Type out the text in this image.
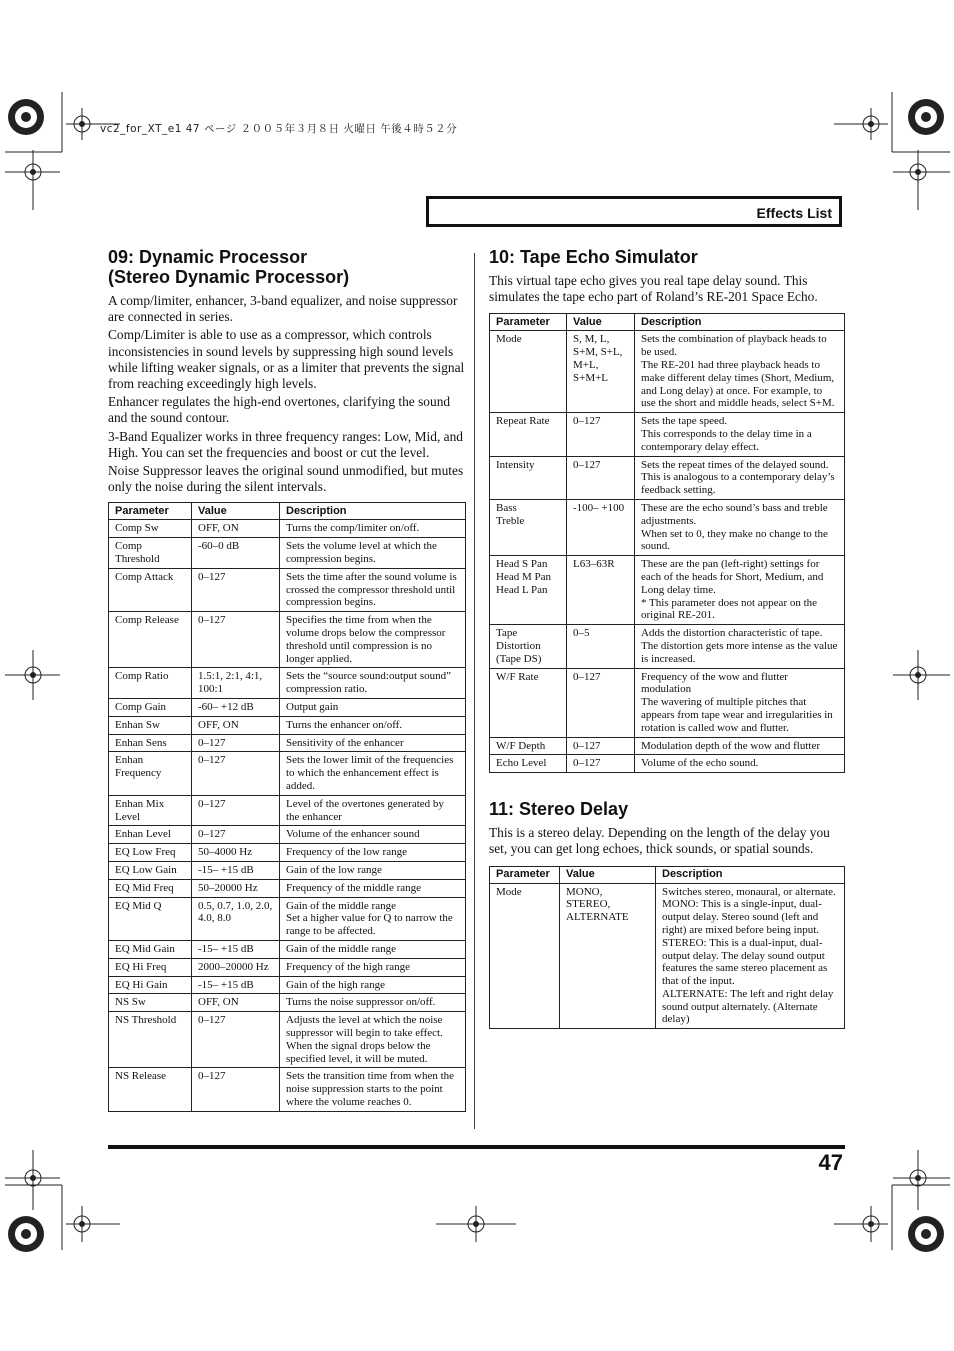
vc2_for_XT_e1 47 ページ ２００５年３月８日 火曜日 午後４時５２分
Effects List
09: Dynamic Processor
(Stereo Dynamic Processor)

A comp/limiter, enhancer, 3-band equalizer, and noise suppressor are connected in series.

Comp/Limiter is able to use as a compressor, which controls inconsistencies in sound levels by suppressing high sound levels while lifting weaker signals, or as a limiter that prevents the signal from reaching exceedingly high levels.

Enhancer regulates the high-end overtones, clarifying the sound and the sound contour.

3-Band Equalizer works in three frequency ranges: Low, Mid, and High. You can set the frequencies and boost or cut the level.

Noise Suppressor leaves the original sound unmodified, but mutes only the noise during the silent intervals.

Parameter	Value	Description
Comp Sw	OFF, ON	Turns the comp/limiter on/off.
Comp Threshold	-60–0 dB	Sets the volume level at which the compression begins.
Comp Attack	0–127	Sets the time after the sound volume is crossed the compressor threshold until compression begins.
Comp Release	0–127	Specifies the time from when the volume drops below the compressor threshold until compression is no longer applied.
Comp Ratio	1.5:1, 2:1, 4:1, 100:1	Sets the “source sound:output sound” compression ratio.
Comp Gain	-60– +12 dB	Output gain
Enhan Sw	OFF, ON	Turns the enhancer on/off.
Enhan Sens	0–127	Sensitivity of the enhancer
Enhan Frequency	0–127	Sets the lower limit of the frequencies to which the enhancement effect is added.
Enhan Mix Level	0–127	Level of the overtones generated by the enhancer
Enhan Level	0–127	Volume of the enhancer sound
EQ Low Freq	50–4000 Hz	Frequency of the low range
EQ Low Gain	-15– +15 dB	Gain of the low range
EQ Mid Freq	50–20000 Hz	Frequency of the middle range
EQ Mid Q	0.5, 0.7, 1.0, 2.0, 4.0, 8.0	Gain of the middle range
Set a higher value for Q to narrow the range to be affected.
EQ Mid Gain	-15– +15 dB	Gain of the middle range
EQ Hi Freq	2000–20000 Hz	Frequency of the high range
EQ Hi Gain	-15– +15 dB	Gain of the high range
NS Sw	OFF, ON	Turns the noise suppressor on/off.
NS Threshold	0–127	Adjusts the level at which the noise suppressor will begin to take effect.
When the signal drops below the specified level, it will be muted.
NS Release	0–127	Sets the transition time from when the noise suppression starts to the point where the volume reaches 0.
10: Tape Echo Simulator

This virtual tape echo gives you real tape delay sound. This simulates the tape echo part of Roland’s RE-201 Space Echo.

Parameter	Value	Description
Mode	S, M, L, S+M, S+L, M+L, S+M+L	Sets the combination of playback heads to be used.
The RE-201 had three playback heads to make different delay times (Short, Medium, and Long delay) at once. For example, to use the short and middle heads, select S+M.
Repeat Rate	0–127	Sets the tape speed.
This corresponds to the delay time in a contemporary delay effect.
Intensity	0–127	Sets the repeat times of the delayed sound.
This is analogous to a contemporary delay’s feedback setting.
Bass
Treble	-100– +100	These are the echo sound’s bass and treble adjustments.
When set to 0, they make no change to the sound.
Head S Pan
Head M Pan
Head L Pan	L63–63R	These are the pan (left-right) settings for each of the heads for Short, Medium, and Long delay time.
* This parameter does not appear on the original RE-201.
Tape Distortion
(Tape DS)	0–5	Adds the distortion characteristic of tape.
The distortion gets more intense as the value is increased.
W/F Rate	0–127	Frequency of the wow and flutter modulation
The wavering of multiple pitches that appears from tape wear and irregularities in rotation is called wow and flutter.
W/F Depth	0–127	Modulation depth of the wow and flutter
Echo Level	0–127	Volume of the echo sound.
11: Stereo Delay

This is a stereo delay. Depending on the length of the delay you set, you can get long echoes, thick sounds, or spatial sounds.

Parameter	Value	Description
Mode	MONO, STEREO, ALTERNATE	Switches stereo, monaural, or alternate.
MONO: This is a single-input, dual-output delay. Stereo sound (left and right) are mixed before being input.
STEREO: This is a dual-input, dual-output delay. The delay sound output features the same stereo placement as that of the input.
ALTERNATE: The left and right delay sound output alternately. (Alternate delay)
47
